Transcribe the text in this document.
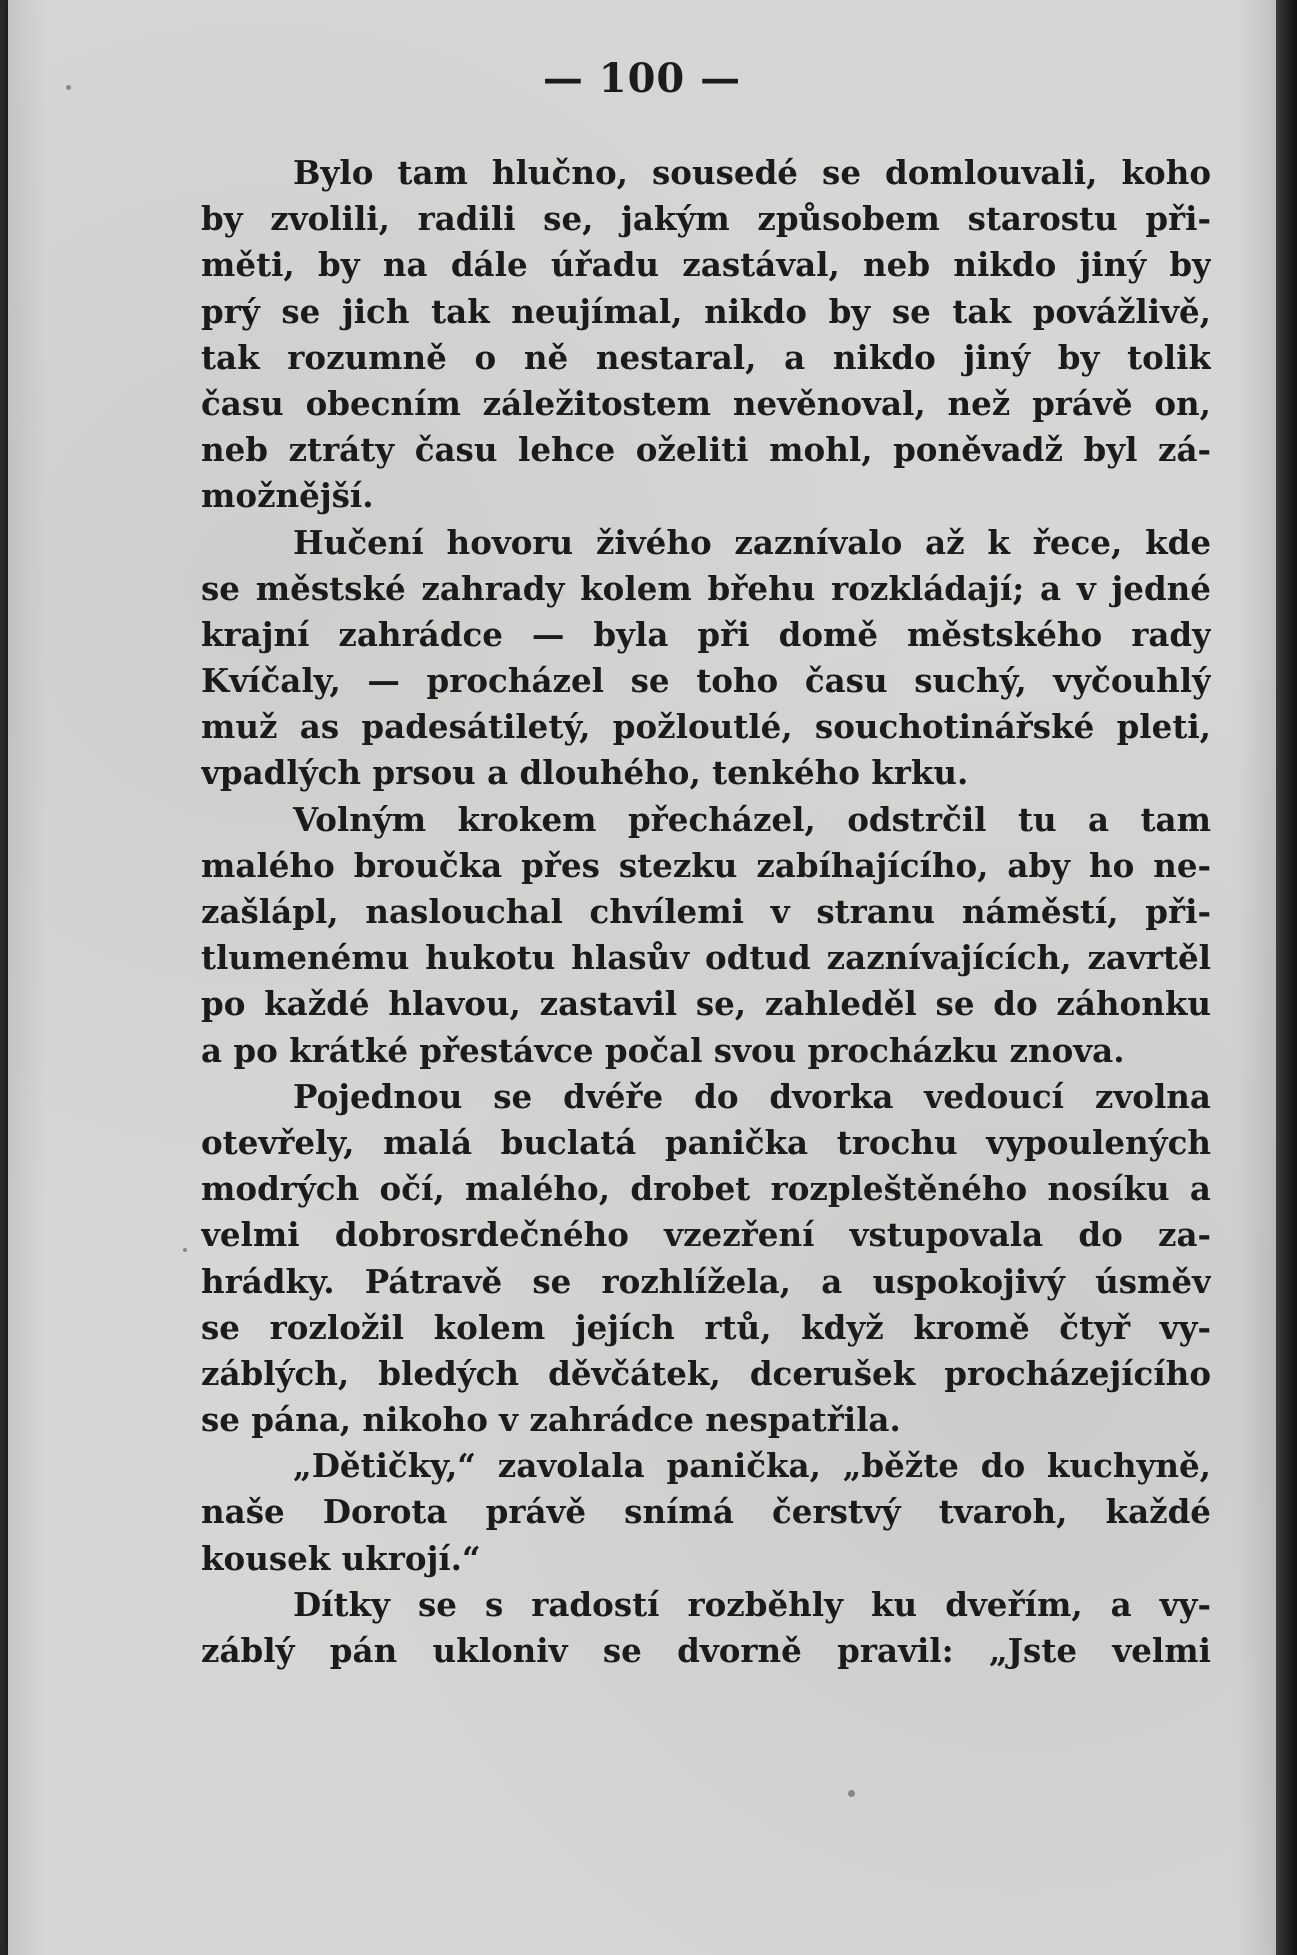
— 100 —
Bylo tam hlučno, sousedé se domlouvali, koho
by zvolili, radili se, jakým způsobem starostu při-
měti, by na dále úřadu zastával, neb nikdo jiný by
prý se jich tak neujímal, nikdo by se tak povážlivě,
tak rozumně o ně nestaral, a nikdo jiný by tolik
času obecním záležitostem nevěnoval, než právě on,
neb ztráty času lehce oželiti mohl, poněvadž byl zá-
možnější.
Hučení hovoru živého zaznívalo až k řece, kde
se městské zahrady kolem břehu rozkládají; a v jedné
krajní zahrádce — byla při domě městského rady
Kvíčaly, — procházel se toho času suchý, vyčouhlý
muž as padesátiletý, požloutlé, souchotinářské pleti,
vpadlých prsou a dlouhého, tenkého krku.
Volným krokem přecházel, odstrčil tu a tam
malého broučka přes stezku zabíhajícího, aby ho ne-
zašlápl, naslouchal chvílemi v stranu náměstí, při-
tlumenému hukotu hlasův odtud zaznívajících, zavrtěl
po každé hlavou, zastavil se, zahleděl se do záhonku
a po krátké přestávce počal svou procházku znova.
Pojednou se dvéře do dvorka vedoucí zvolna
otevřely, malá buclatá panička trochu vypoulených
modrých očí, malého, drobet rozpleštěného nosíku a
velmi dobrosrdečného vzezření vstupovala do za-
hrádky. Pátravě se rozhlížela, a uspokojivý úsměv
se rozložil kolem jejích rtů, když kromě čtyř vy-
záblých, bledých děvčátek, dcerušek procházejícího
se pána, nikoho v zahrádce nespatřila.
„Dětičky,“ zavolala panička, „běžte do kuchyně,
naše Dorota právě snímá čerstvý tvaroh, každé
kousek ukrojí.“
Dítky se s radostí rozběhly ku dveřím, a vy-
záblý pán ukloniv se dvorně pravil: „Jste velmi
